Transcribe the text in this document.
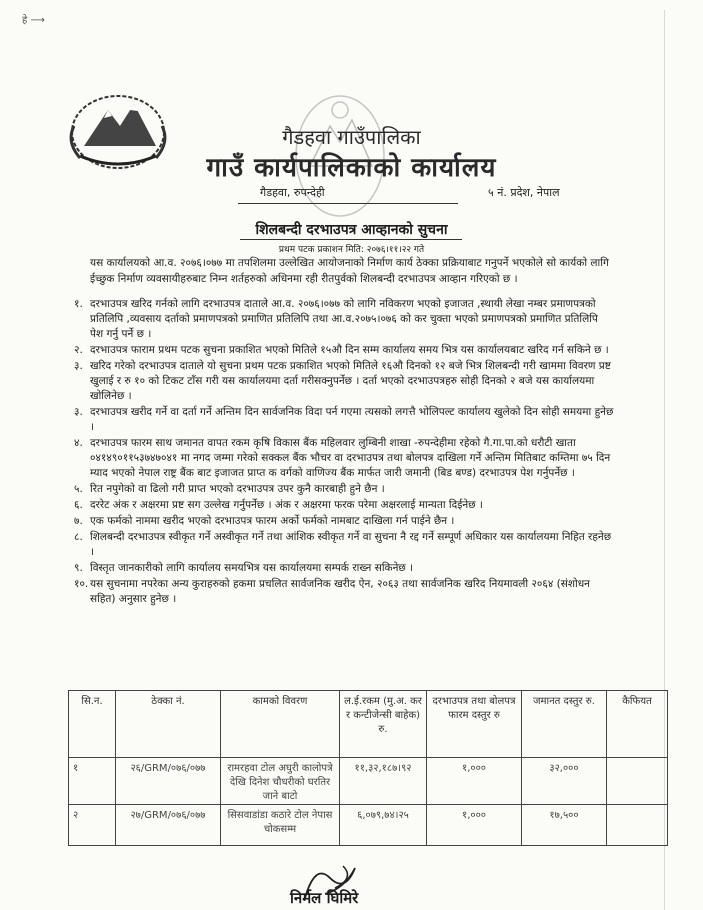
हे ⟶
गैडहवा गाउँपालिका
गाउँ कार्यपालिकाको कार्यालय
गैडहवा, रुपन्देही	५ नं. प्रदेश, नेपाल
शिलबन्दी दरभाउपत्र आव्हानको सुचना
प्रथम पटक प्रकाशन मिति: २०७६।११।२२ गते
यस कार्यालयको आ.व. २०७६।०७७ मा तपशिलमा उल्लेखित आयोजनाको निर्माण कार्य ठेक्का प्रक्रियाबाट गनुपर्ने भएकोले सो कार्यको लागि ईच्छुक निर्माण व्यवसायीहरुबाट निम्न शर्तहरुको अधिनमा रही रीतपुर्वको शिलबन्दी दरभाउपत्र आव्हान गरिएको छ ।
१. दरभाउपत्र खरिद गर्नको लागि दरभाउपत्र दाताले आ.व. २०७६।०७७ को लागि नविकरण भएको इजाजत ,स्थायी लेखा नम्बर प्रमाणपत्रको प्रतिलिपि ,व्यवसाय दर्ताको प्रमाणपत्रको प्रमाणित प्रतिलिपि तथा आ.व.२०७५।०७६ को कर चुक्ता भएको प्रमाणपत्रको प्रमाणित प्रतिलिपि पेश गर्नु पर्ने छ ।
२. दरभाउपत्र फाराम प्रथम पटक सुचना प्रकाशित भएको मितिले १५औ दिन सम्म कार्यालय समय भित्र यस कार्यालयबाट खरिद गर्न सकिने छ ।
३. खरिद गरेको दरभाउपत्र दाताले यो सुचना प्रथम पटक प्रकाशित भएको मितिले १६औ दिनको १२ बजे भित्र शिलबन्दी गरी खाममा विवरण प्रष्ट खुलाई र रु १० को टिकट टाँस गरी यस कार्यालयमा दर्ता गरीसक्नुपर्नेछ । दर्ता भएको दरभाउपत्रहरु सोही दिनको २ बजे यस कार्यालयमा खोलिनेछ ।
३. दरभाउपत्र खरीद गर्ने वा दर्ता गर्ने अन्तिम दिन सार्वजनिक विदा पर्न गएमा त्यसको लगत्तै भोलिपल्ट कार्यालय खुलेको दिन सोही समयमा हुनेछ ।
४. दरभाउपत्र फारम साथ जमानत वापत रकम कृषि विकास बैंक महिलवार लुम्बिनी शाखा -रुपन्देहीमा रहेको गै.गा.पा.को धरौटी खाता ०४१४९०११५३७४७०४१ मा नगद जम्मा गरेको सक्कल बैंक भौचर वा दरभाउपत्र तथा बोलपत्र दाखिला गर्ने अन्तिम मितिबाट कम्तिमा ७५ दिन म्याद भएको नेपाल राष्ट्र बैंक बाट इजाजत प्राप्त क वर्गको वाणिज्य बैंक मार्फत जारी जमानी (बिड बण्ड) दरभाउपत्र पेश गर्नुपर्नेछ ।
५. रित नपुगेको वा ढिलो गरी प्राप्त भएको दरभाउपत्र उपर कुनै कारबाही हुने छैन ।
६. दररेट अंक र अक्षरमा प्रष्ट सग उल्लेख गर्नुपर्नेछ । अंक र अक्षरमा फरक परेमा अक्षरलाई मान्यता दिईनेछ ।
७. एक फर्मको नाममा खरीद भएको दरभाउपत्र फारम अर्को फर्मको नामबाट दाखिला गर्न पाईने छैन ।
८. शिलबन्दी दरभाउपत्र स्वीकृत गर्ने अस्वीकृत गर्ने तथा आंशिक स्वीकृत गर्ने वा सुचना नै रद्द गर्ने सम्पूर्ण अधिकार यस कार्यालयमा निहित रहनेछ ।
९. विस्तृत जानकारीको लागि कार्यालय समयभित्र यस कार्यालयमा सम्पर्क राख्न सकिनेछ ।
१०. यस सुचनामा नपरेका अन्य कुराहरुको हकमा प्रचलित सार्वजनिक खरीद ऐन, २०६३ तथा सार्वजनिक खरिद नियमावली २०६४ (संशोधन सहित) अनुसार हुनेछ ।
सि.न.	ठेक्का नं.	कामको विवरण	ल.ई.रकम (मु.अ. कर र कन्टीजेन्सी बाहेक) रु.	दरभाउपत्र तथा बोलपत्र फारम दस्तुर रु	जमानत दस्तुर रु.	कैफियत
१	२६/GRM/०७६/०७७	रामरहवा टोल अघुरी कालोपत्रे देखि दिनेश चौधरीको घरतिर जाने बाटो	११,३२,१८७।९२	१,०००	३२,०००	
२	२७/GRM/०७६/०७७	सिसवाडांडा कठारे टोल नेपास चोकसम्म	६,०७९,७४।२५	१,०००	१७,५००	
निर्मल घिमिरे
